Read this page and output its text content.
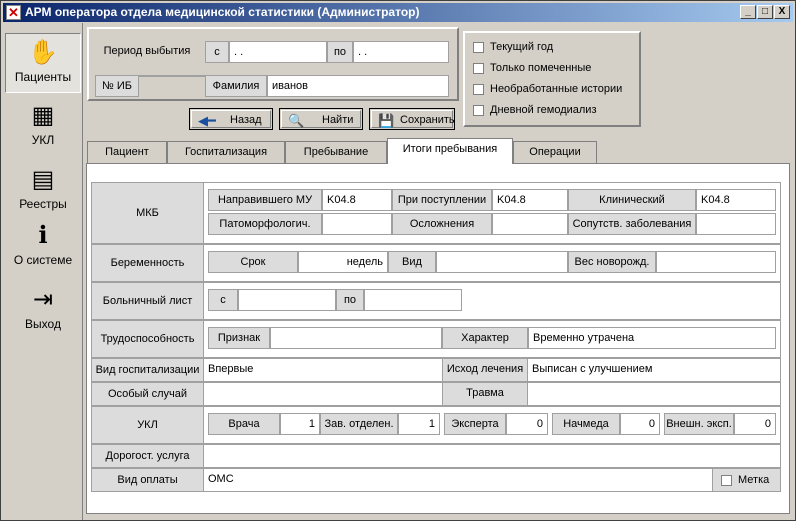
✕ АРМ оператора отдела медицинской статистики (Администратор)	_	□	X
✋
Пациенты
▦
УКЛ
▤
Реестры
ℹ
О системе
⇥
Выход
Период выбытия	с	. .	по	. .
№ ИБ	Фамилия	иванов
Текущий год
Только помеченные
Необработанные истории
Дневной гемодиализ
◀━ Назад	🔍 Найти	💾 Сохранить
Пациент	Госпитализация	Пребывание	Итоги пребывания	Операции
МКБ
Направившего МУ	K04.8	При поступлении K04.8	Клинический	K04.8
Патоморфологич.	Осложнения	Сопутств. заболевания
Беременность	Срок	недель	Вид	Вес новорожд.
Больничный лист	с	по
Трудоспособность	Признак	Характер	Временно утрачена
Вид госпитализации Впервые	Исход лечения Выписан с улучшением
Особый случай	Травма
УКЛ	Врача	1 Зав. отделен.	1	Эксперта	0	Начмеда	0	Внешн. эксп.	0
Дорогост. услуга
Вид оплаты	ОМС	Метка
